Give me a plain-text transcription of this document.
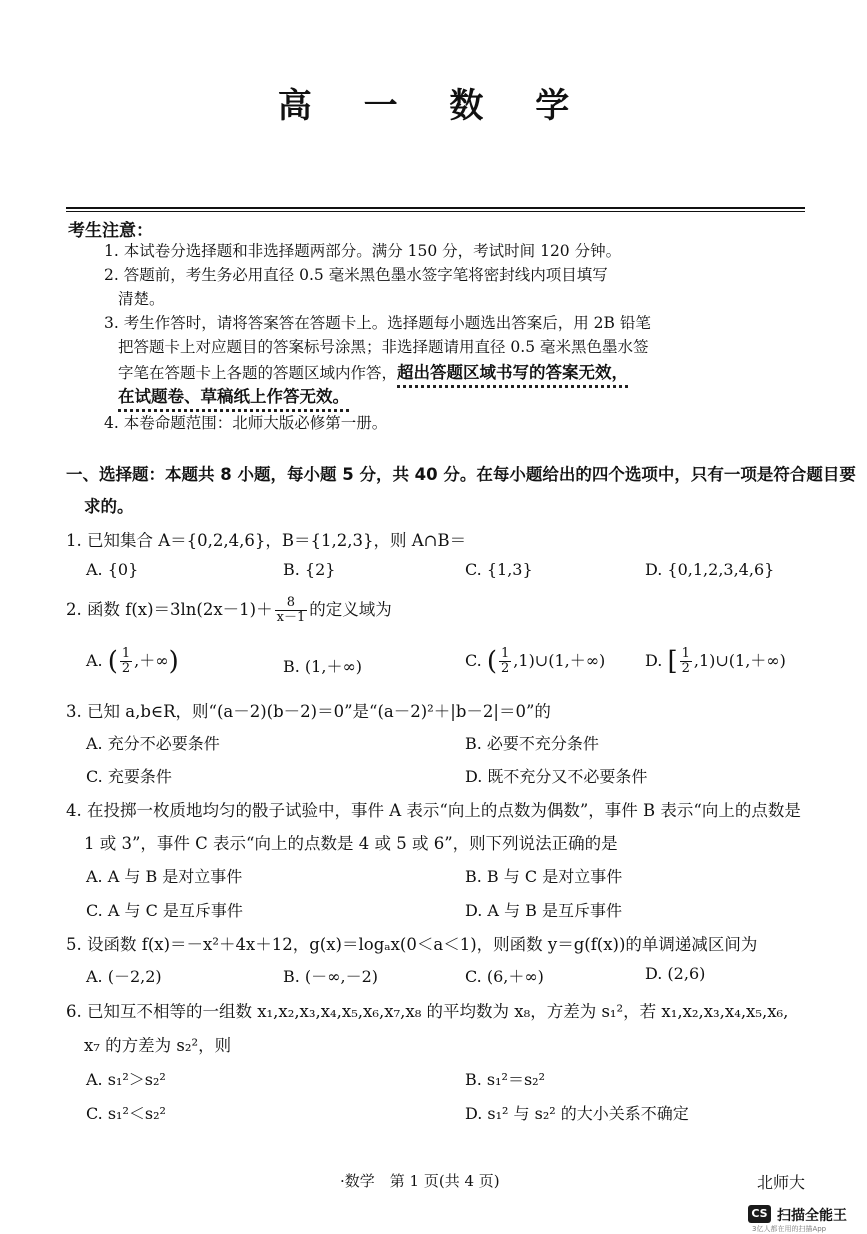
高 一 数 学
考生注意：
1. 本试卷分选择题和非选择题两部分。满分 150 分，考试时间 120 分钟。
2. 答题前，考生务必用直径 0.5 毫米黑色墨水签字笔将密封线内项目填写
清楚。
3. 考生作答时，请将答案答在答题卡上。选择题每小题选出答案后，用 2B 铅笔
把答题卡上对应题目的答案标号涂黑；非选择题请用直径 0.5 毫米黑色墨水签
字笔在答题卡上各题的答题区域内作答，超出答题区域书写的答案无效，
在试题卷、草稿纸上作答无效。
4. 本卷命题范围：北师大版必修第一册。
一、选择题：本题共 8 小题，每小题 5 分，共 40 分。在每小题给出的四个选项中，只有一项是符合题目要
求的。
1. 已知集合 A＝{0,2,4,6}，B＝{1,2,3}，则 A∩B＝
A. {0}	B. {2}	C. {1,3}	D. {0,1,2,3,4,6}
2. 函数 $f(x)=3\ln(2x-1)+ \frac{8}{x-1}$ 的定义域为
A. ( $\frac{1}{2}$ ,＋∞)	B. (1,＋∞)	C. ( $\frac{1}{2}$ ,1)∪(1,＋∞) D. [ $\frac{1}{2}$ ,1)∪(1,＋∞)
3. 已知 a,b∈R，则“(a－2)(b－2)＝0”是“(a－2)²＋|b－2|＝0”的
A. 充分不必要条件	B. 必要不充分条件
C. 充要条件	D. 既不充分又不必要条件
4. 在投掷一枚质地均匀的骰子试验中，事件 A 表示“向上的点数为偶数”，事件 B 表示“向上的点数是
1 或 3”，事件 C 表示“向上的点数是 4 或 5 或 6”，则下列说法正确的是
A. A 与 B 是对立事件	B. B 与 C 是对立事件
C. A 与 C 是互斥事件	D. A 与 B 是互斥事件
5. 设函数 f(x)＝－x²＋4x＋12，g(x)＝logₐx(0＜a＜1)，则函数 y＝g(f(x))的单调递减区间为
A. (－2,2)	B. (－∞,－2)	C. (6,＋∞)	D. (2,6)
6. 已知互不相等的一组数 x₁,x₂,x₃,x₄,x₅,x₆,x₇,x₈ 的平均数为 x₈，方差为 s₁²，若 x₁,x₂,x₃,x₄,x₅,x₆,
x₇ 的方差为 s₂²，则
A. s₁²＞s₂²	B. s₁²＝s₂²
C. s₁²＜s₂²	D. s₁² 与 s₂² 的大小关系不确定
·数学　第 1 页(共 4 页)	北师大
CS 扫描全能王
3亿人都在用的扫描App
